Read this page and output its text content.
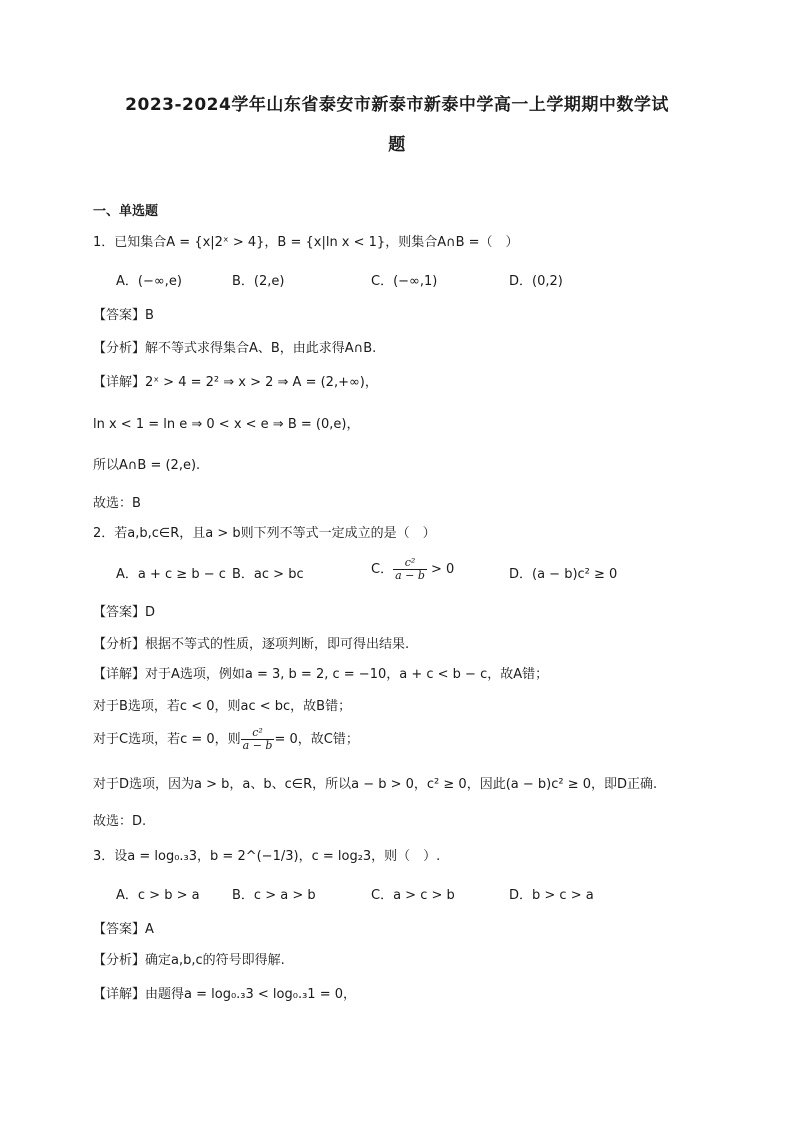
2023-2024学年山东省泰安市新泰市新泰中学高一上学期期中数学试
题
一、单选题
1．已知集合A = {x|2ˣ > 4}，B = {x|ln x < 1}，则集合A∩B =（　）
A．(−∞,e)	B．(2,e)	C．(−∞,1)	D．(0,2)
【答案】B
【分析】解不等式求得集合A、B，由此求得A∩B.
【详解】2ˣ > 4 = 2² ⇒ x > 2 ⇒ A = (2,+∞)，
ln x < 1 = ln e ⇒ 0 < x < e ⇒ B = (0,e)，
所以A∩B = (2,e).
故选：B
2．若a,b,c∈R，且a > b则下列不等式一定成立的是（　）
A．a + c ≥ b − c B．ac > bc	C． $\frac{\text{c²}}{a - b} > 0$	D．(a − b)c² ≥ 0
【答案】D
【分析】根据不等式的性质，逐项判断，即可得出结果.
【详解】对于A选项，例如a = 3, b = 2, c = −10，a + c < b − c，故A错；
对于B选项，若c < 0，则ac < bc，故B错；
对于C选项，若c = 0，则 $\frac{\text{c²}}{a - b} = 0$，故C错；
对于D选项，因为a > b，a、b、c∈R，所以a − b > 0，c² ≥ 0，因此(a − b)c² ≥ 0，即D正确.
故选：D.
3．设a = log₀.₃3，b = 2^(−1/3)，c = log₂3，则（　）.
A．c > b > a B．c > a > b	C．a > c > b	D．b > c > a
【答案】A
【分析】确定a,b,c的符号即得解.
【详解】由题得a = log₀.₃3 < log₀.₃1 = 0，
